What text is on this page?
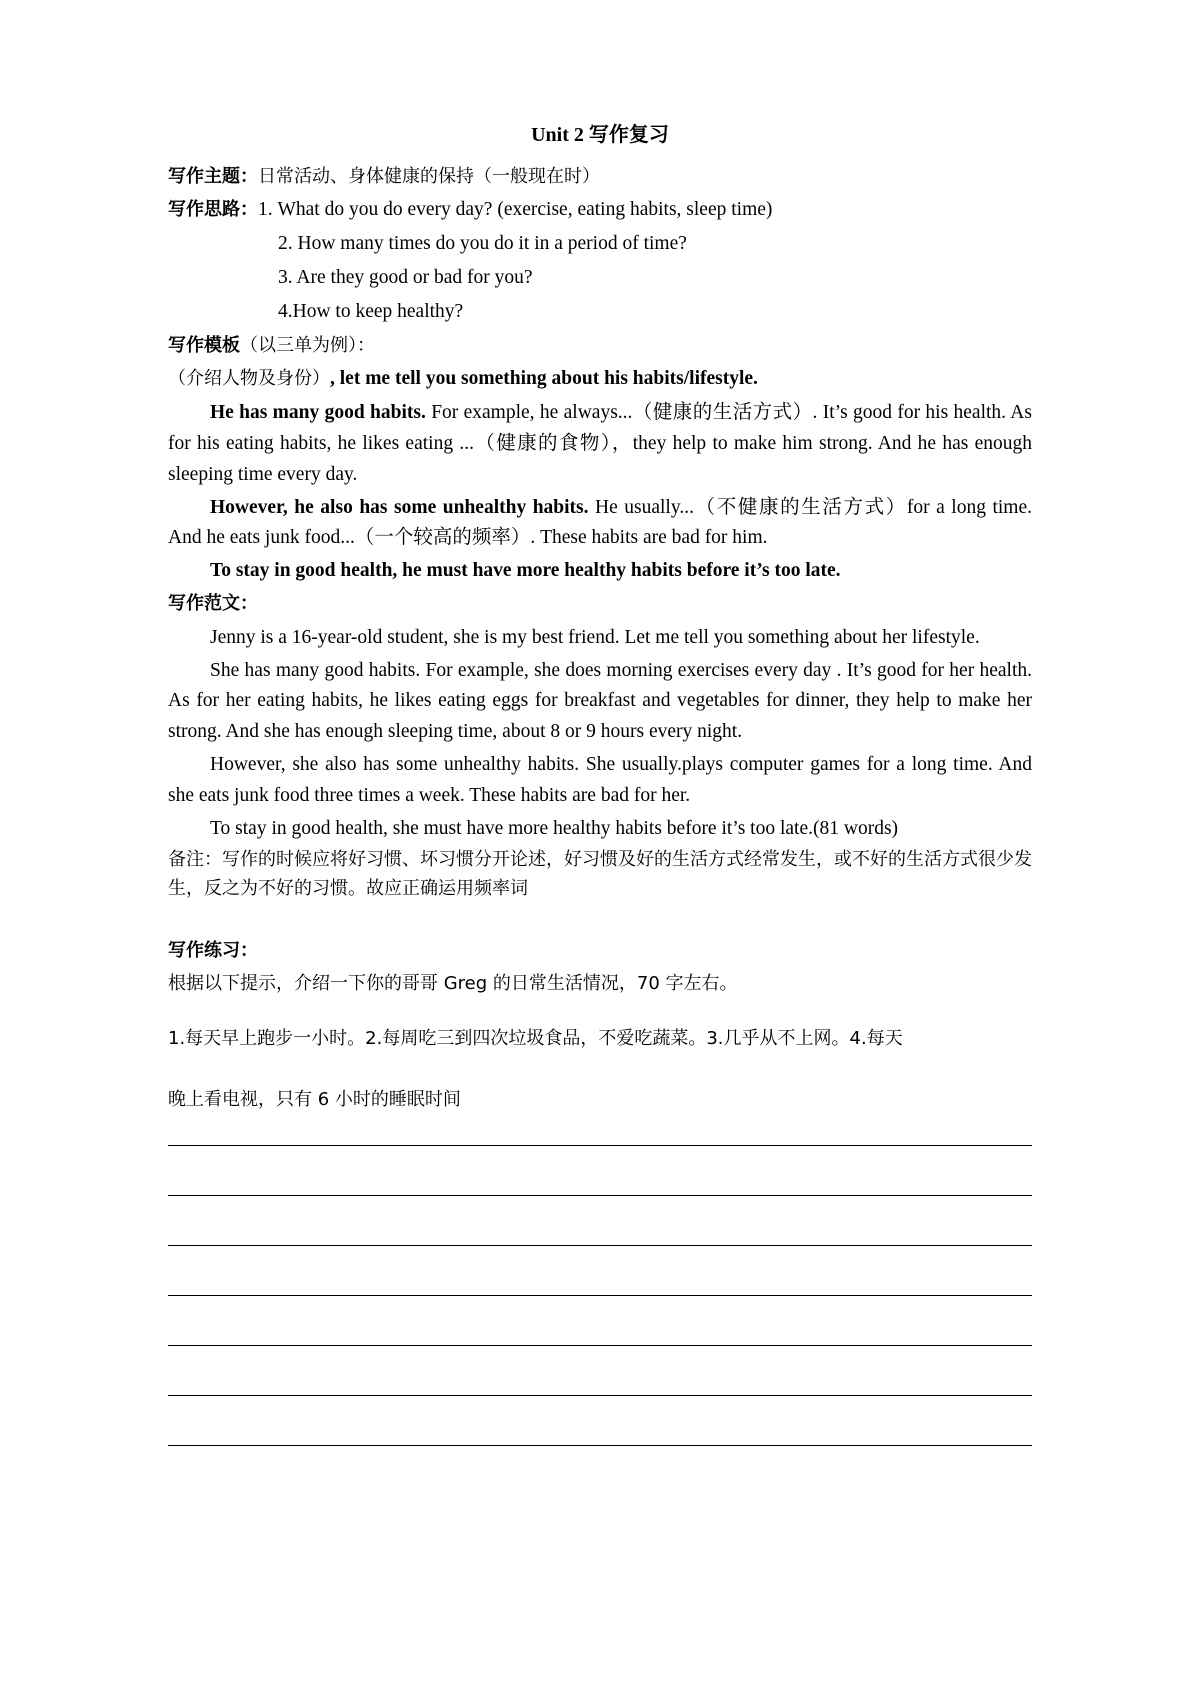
Unit 2 写作复习
写作主题：日常活动、身体健康的保持（一般现在时）
写作思路：1. What do you do every day? (exercise, eating habits, sleep time)
2. How many times do you do it in a period of time?
3. Are they good or bad for you?
4.How to keep healthy?
写作模板（以三单为例）：
（介绍人物及身份）, let me tell you something about his habits/lifestyle.
He has many good habits. For example, he always...（健康的生活方式）. It’s good for his health. As for his eating habits, he likes eating ...（健康的食物），they help to make him strong. And he has enough sleeping time every day.
However, he also has some unhealthy habits. He usually...（不健康的生活方式）for a long time. And he eats junk food...（一个较高的频率）. These habits are bad for him.
To stay in good health, he must have more healthy habits before it’s too late.
写作范文：
Jenny is a 16-year-old student, she is my best friend. Let me tell you something about her lifestyle.
She has many good habits. For example, she does morning exercises every day . It’s good for her health. As for her eating habits, he likes eating eggs for breakfast and vegetables for dinner, they help to make her strong. And she has enough sleeping time, about 8 or 9 hours every night.
However, she also has some unhealthy habits. She usually.plays computer games for a long time. And she eats junk food three times a week. These habits are bad for her.
To stay in good health, she must have more healthy habits before it’s too late.(81 words)
备注：写作的时候应将好习惯、坏习惯分开论述，好习惯及好的生活方式经常发生，或不好的生活方式很少发生，反之为不好的习惯。故应正确运用频率词
写作练习：
根据以下提示，介绍一下你的哥哥 Greg 的日常生活情况，70 字左右。
1.每天早上跑步一小时。2.每周吃三到四次垃圾食品，不爱吃蔬菜。3.几乎从不上网。4.每天
晚上看电视，只有 6 小时的睡眠时间
